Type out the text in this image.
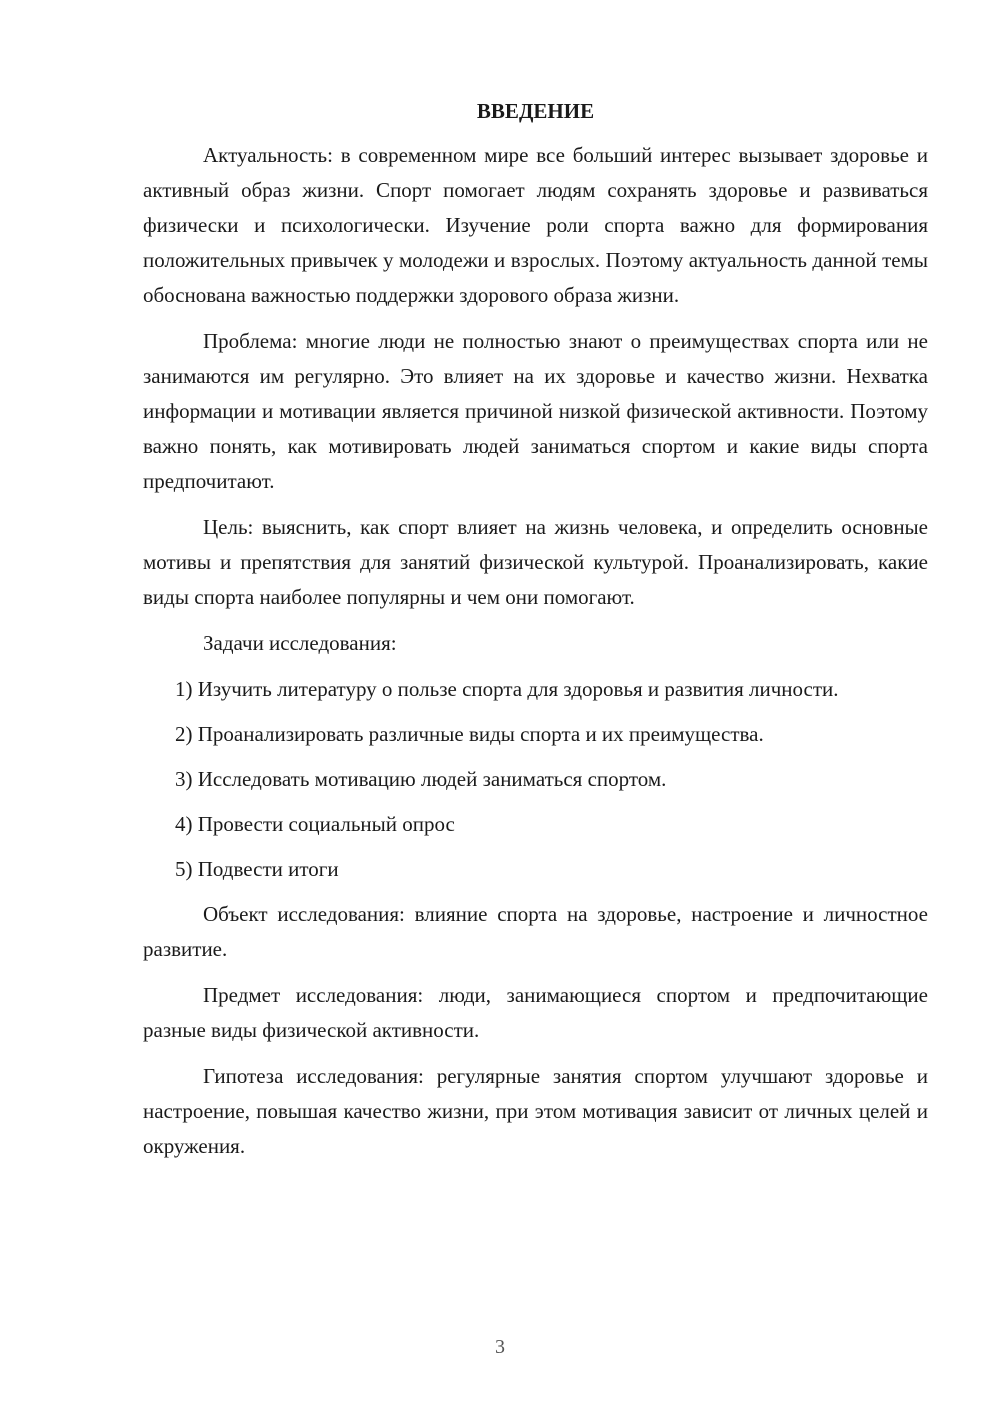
ВВЕДЕНИЕ

Актуальность: в современном мире все больший интерес вызывает здоровье и активный образ жизни. Спорт помогает людям сохранять здоровье и развиваться физически и психологически. Изучение роли спорта важно для формирования положительных привычек у молодежи и взрослых. Поэтому актуальность данной темы обоснована важностью поддержки здорового образа жизни.

Проблема: многие люди не полностью знают о преимуществах спорта или не занимаются им регулярно. Это влияет на их здоровье и качество жизни. Нехватка информации и мотивации является причиной низкой физической активности. Поэтому важно понять, как мотивировать людей заниматься спортом и какие виды спорта предпочитают.

Цель: выяснить, как спорт влияет на жизнь человека, и определить основные мотивы и препятствия для занятий физической культурой. Проанализировать, какие виды спорта наиболее популярны и чем они помогают.

Задачи исследования:

1) Изучить литературу о пользе спорта для здоровья и развития личности.

2) Проанализировать различные виды спорта и их преимущества.

3) Исследовать мотивацию людей заниматься спортом.

4) Провести социальный опрос

5) Подвести итоги

Объект исследования: влияние спорта на здоровье, настроение и личностное развитие.

Предмет исследования: люди, занимающиеся спортом и предпочитающие разные виды физической активности.

Гипотеза исследования: регулярные занятия спортом улучшают здоровье и настроение, повышая качество жизни, при этом мотивация зависит от личных целей и окружения.

3
